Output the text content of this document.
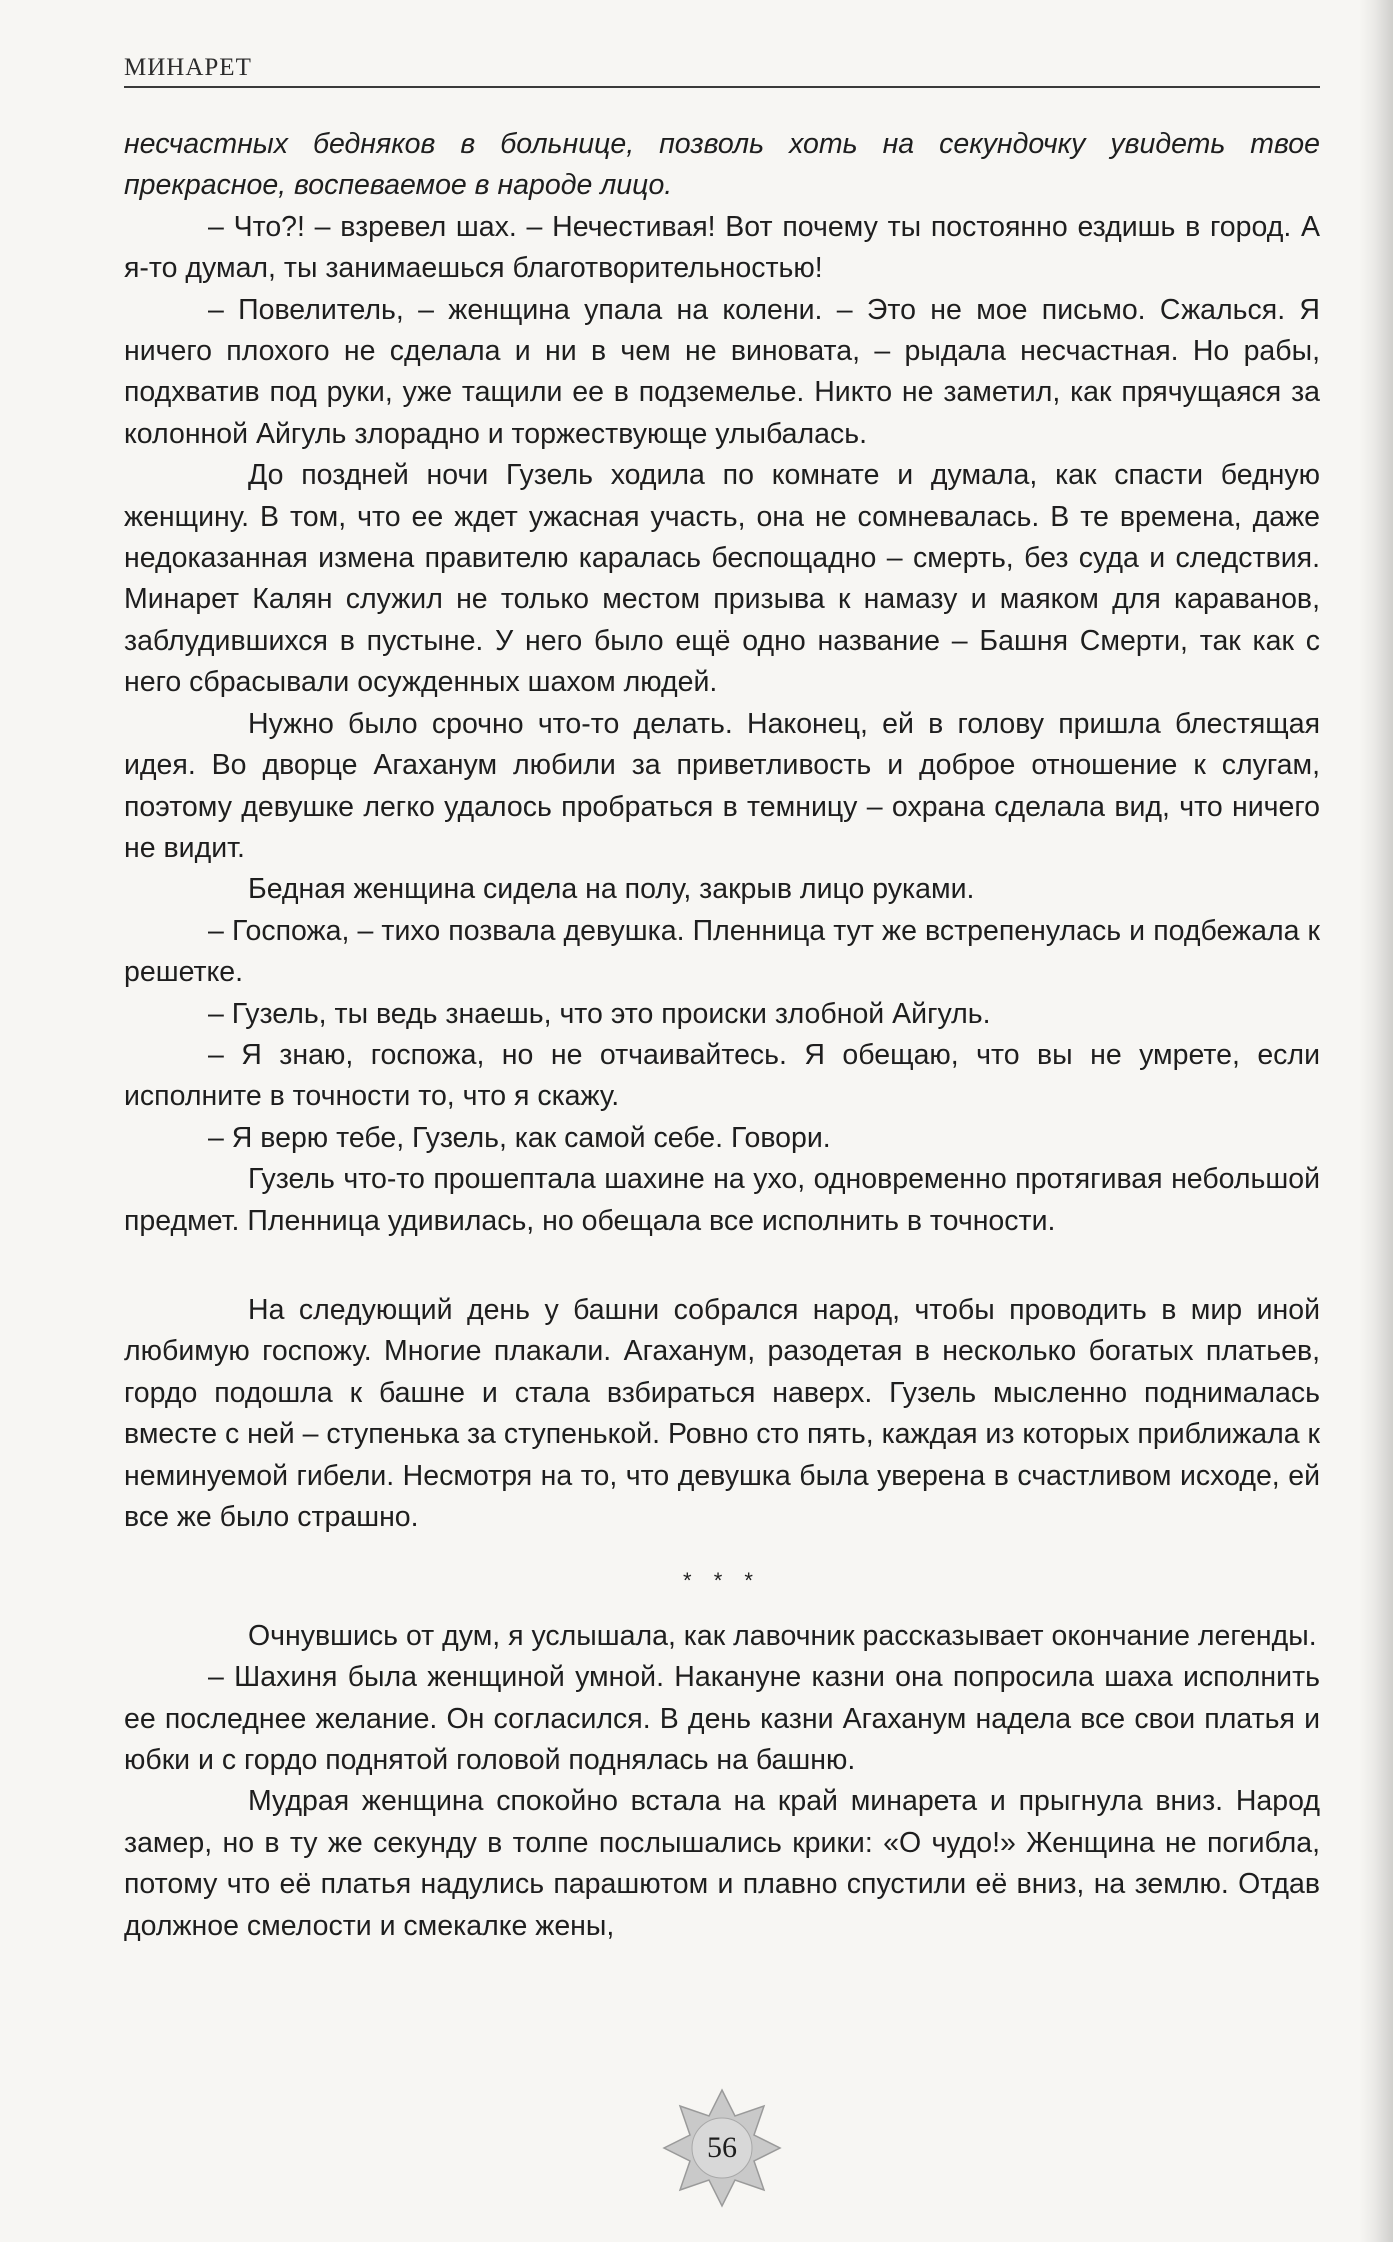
МИНАРЕТ

несчастных бедняков в больнице, позволь хоть на секундочку увидеть твое прекрасное, воспеваемое в народе лицо.

– Что?! – взревел шах. – Нечестивая! Вот почему ты постоянно ездишь в город. А я-то думал, ты занимаешься благотворительностью!

– Повелитель, – женщина упала на колени. – Это не мое письмо. Сжалься. Я ничего плохого не сделала и ни в чем не виновата, – рыдала несчастная. Но рабы, подхватив под руки, уже тащили ее в подземелье. Никто не заметил, как прячущаяся за колонной Айгуль злорадно и торжествующе улыбалась.

До поздней ночи Гузель ходила по комнате и думала, как спасти бедную женщину. В том, что ее ждет ужасная участь, она не сомневалась. В те времена, даже недоказанная измена правителю каралась беспощадно – смерть, без суда и следствия. Минарет Калян служил не только местом призыва к намазу и маяком для караванов, заблудившихся в пустыне. У него было ещё одно название – Башня Смерти, так как с него сбрасывали осужденных шахом людей.

Нужно было срочно что-то делать. Наконец, ей в голову пришла блестящая идея. Во дворце Агаханум любили за приветливость и доброе отношение к слугам, поэтому девушке легко удалось пробраться в темницу – охрана сделала вид, что ничего не видит.

Бедная женщина сидела на полу, закрыв лицо руками.

– Госпожа, – тихо позвала девушка. Пленница тут же встрепенулась и подбежала к решетке.

– Гузель, ты ведь знаешь, что это происки злобной Айгуль.

– Я знаю, госпожа, но не отчаивайтесь. Я обещаю, что вы не умрете, если исполните в точности то, что я скажу.

– Я верю тебе, Гузель, как самой себе. Говори.

Гузель что-то прошептала шахине на ухо, одновременно протягивая небольшой предмет. Пленница удивилась, но обещала все исполнить в точности.

На следующий день у башни собрался народ, чтобы проводить в мир иной любимую госпожу. Многие плакали. Агаханум, разодетая в несколько богатых платьев, гордо подошла к башне и стала взбираться наверх. Гузель мысленно поднималась вместе с ней – ступенька за ступенькой. Ровно сто пять, каждая из которых приближала к неминуемой гибели. Несмотря на то, что девушка была уверена в счастливом исходе, ей все же было страшно.

* * *

Очнувшись от дум, я услышала, как лавочник рассказывает окончание легенды.

– Шахиня была женщиной умной. Накануне казни она попросила шаха исполнить ее последнее желание. Он согласился. В день казни Агаханум надела все свои платья и юбки и с гордо поднятой головой поднялась на башню.

Мудрая женщина спокойно встала на край минарета и прыгнула вниз. Народ замер, но в ту же секунду в толпе послышались крики: «О чудо!» Женщина не погибла, потому что её платья надулись парашютом и плавно спустили её вниз, на землю. Отдав должное смелости и смекалке жены,

56
